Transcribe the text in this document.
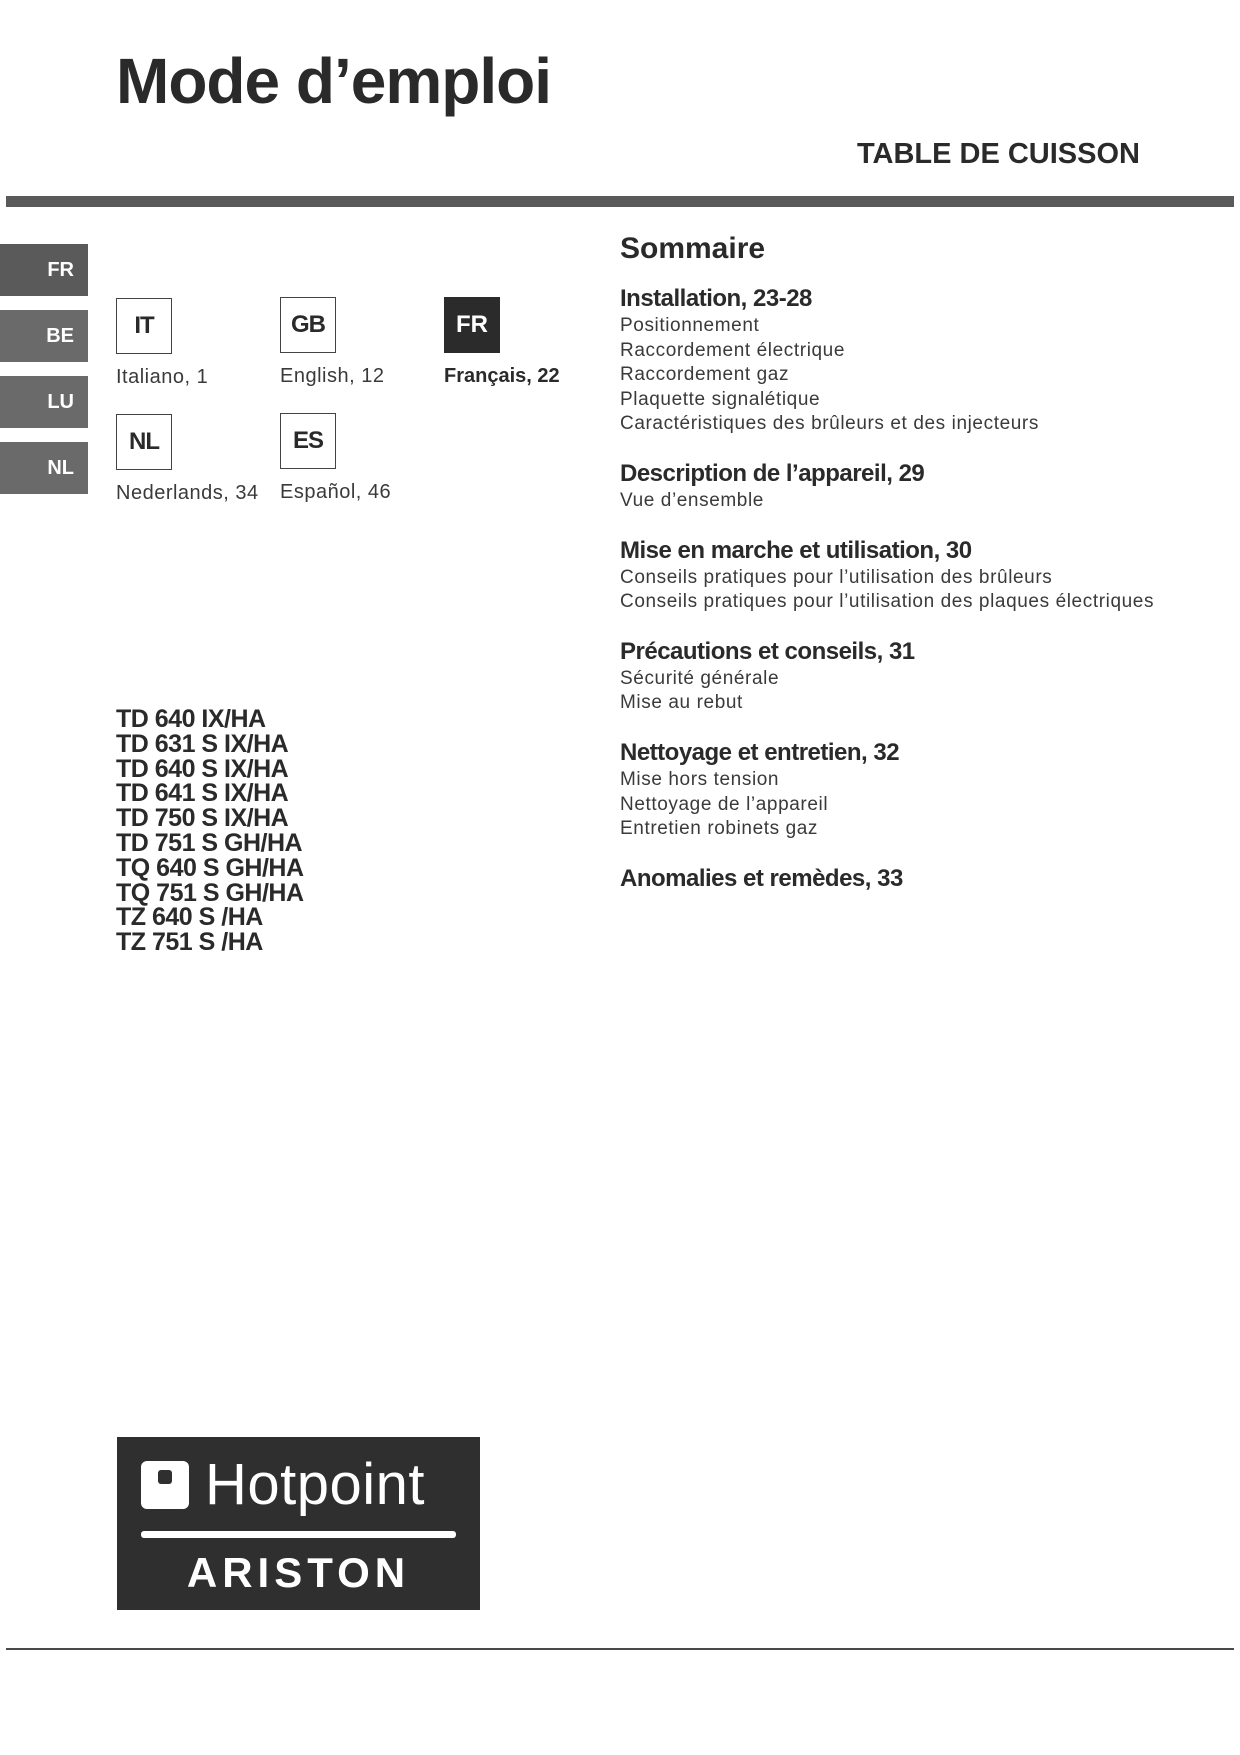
Mode d’emploi
TABLE DE CUISSON
FR
BE
LU
NL
IT
Italiano, 1
GB
English, 12
FR
Français, 22
NL
Nederlands, 34
ES
Español, 46
TD 640 IX/HA
TD 631 S IX/HA
TD 640 S IX/HA
TD 641 S IX/HA
TD 750 S IX/HA
TD 751 S GH/HA
TQ 640 S GH/HA
TQ 751 S GH/HA
TZ 640 S /HA
TZ 751 S /HA
Sommaire
Installation, 23-28
Positionnement
Raccordement électrique
Raccordement gaz
Plaquette signalétique
Caractéristiques des brûleurs et des injecteurs
Description de l’appareil, 29
Vue d’ensemble
Mise en marche et utilisation, 30
Conseils pratiques pour l’utilisation des brûleurs
Conseils pratiques pour l’utilisation des plaques électriques
Précautions et conseils, 31
Sécurité générale
Mise au rebut
Nettoyage et entretien, 32
Mise hors tension
Nettoyage de l’appareil
Entretien robinets gaz
Anomalies et remèdes, 33
Hotpoint
ARISTON
